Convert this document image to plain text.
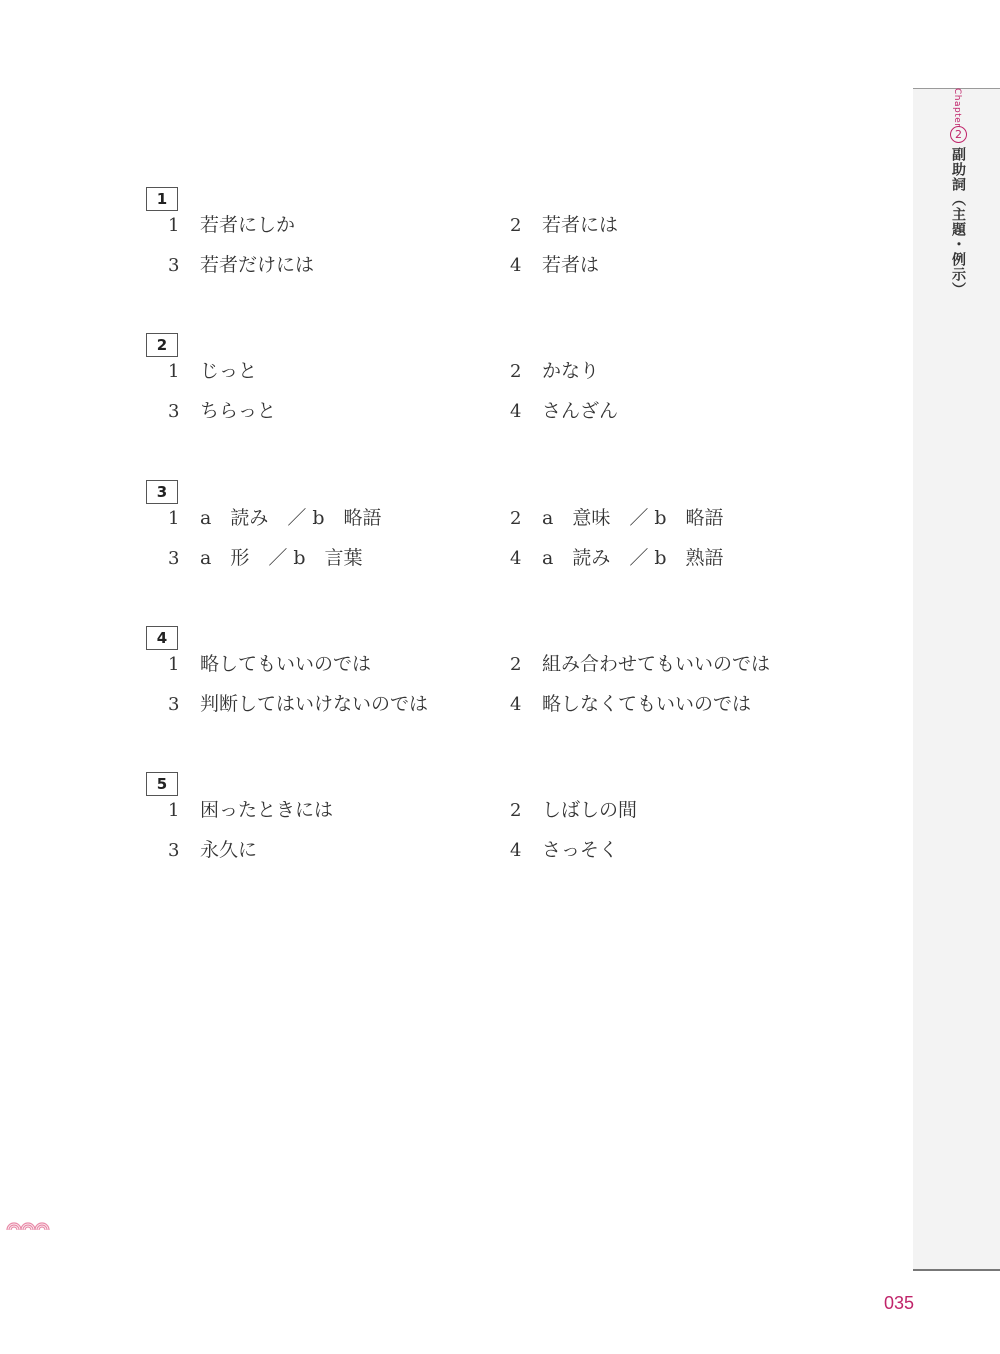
1
1 若者にしか	2 若者には
3 若者だけには	4 若者は
2
1 じっと	2 かなり
3 ちらっと	4 さんざん
3
1 a　読み　／ b　略語	2 a　意味　／ b　略語
3 a　形　／ b　言葉	4 a　読み　／ b　熟語
4
1 略してもいいのでは	2 組み合わせてもいいのでは
3 判断してはいけないのでは	4 略しなくてもいいのでは
5
1 困ったときには	2 しばしの間
3 永久に	4 さっそく
Chapter
2
副助詞（主題・例示）
035
